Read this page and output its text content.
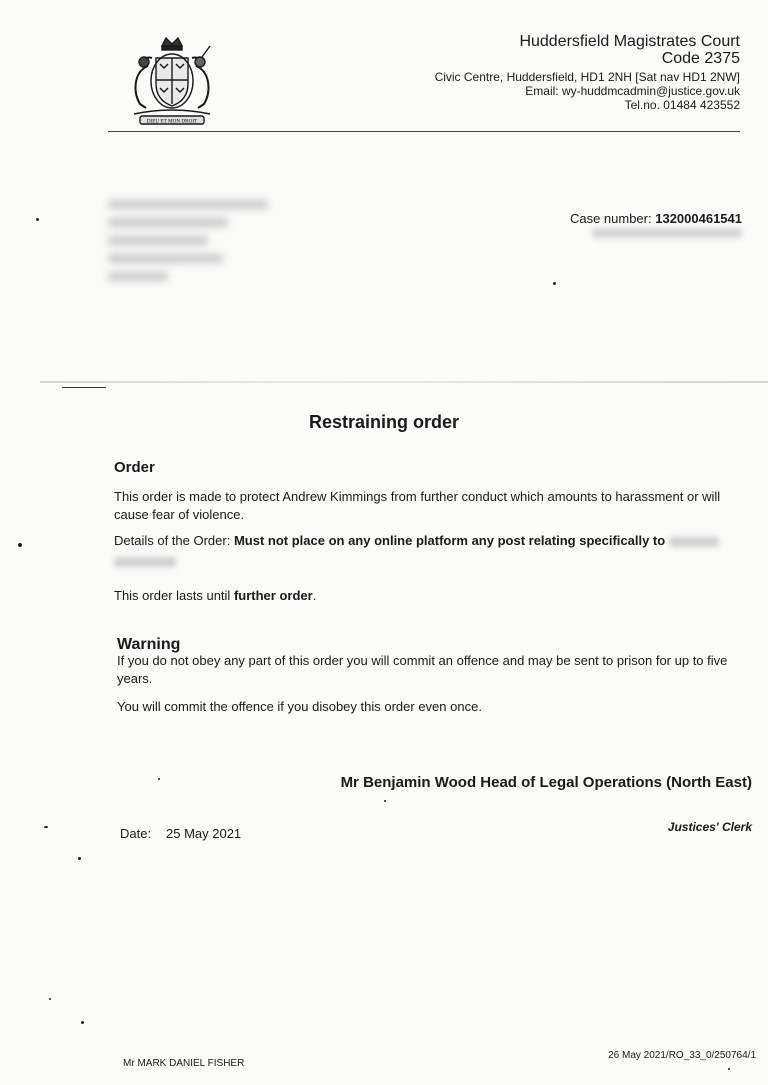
DIEU ET MON DROIT
Huddersfield Magistrates Court
Code 2375
Civic Centre, Huddersfield, HD1 2NH [Sat nav HD1 2NW]
Email: wy-huddmcadmin@justice.gov.uk
Tel.no. 01484 423552
Case number: 132000461541
Restraining order
Order
This order is made to protect Andrew Kimmings from further conduct which amounts to harassment or will cause fear of violence.
Details of the Order: Must not place on any online platform any post relating specifically to

This order lasts until further order.
Warning
If you do not obey any part of this order you will commit an offence and may be sent to prison for up to five years.
You will commit the offence if you disobey this order even once.
Mr Benjamin Wood Head of Legal Operations (North East)
Justices' Clerk
Date: 25 May 2021
Mr MARK DANIEL FISHER
26 May 2021/RO_33_0/250764/1
